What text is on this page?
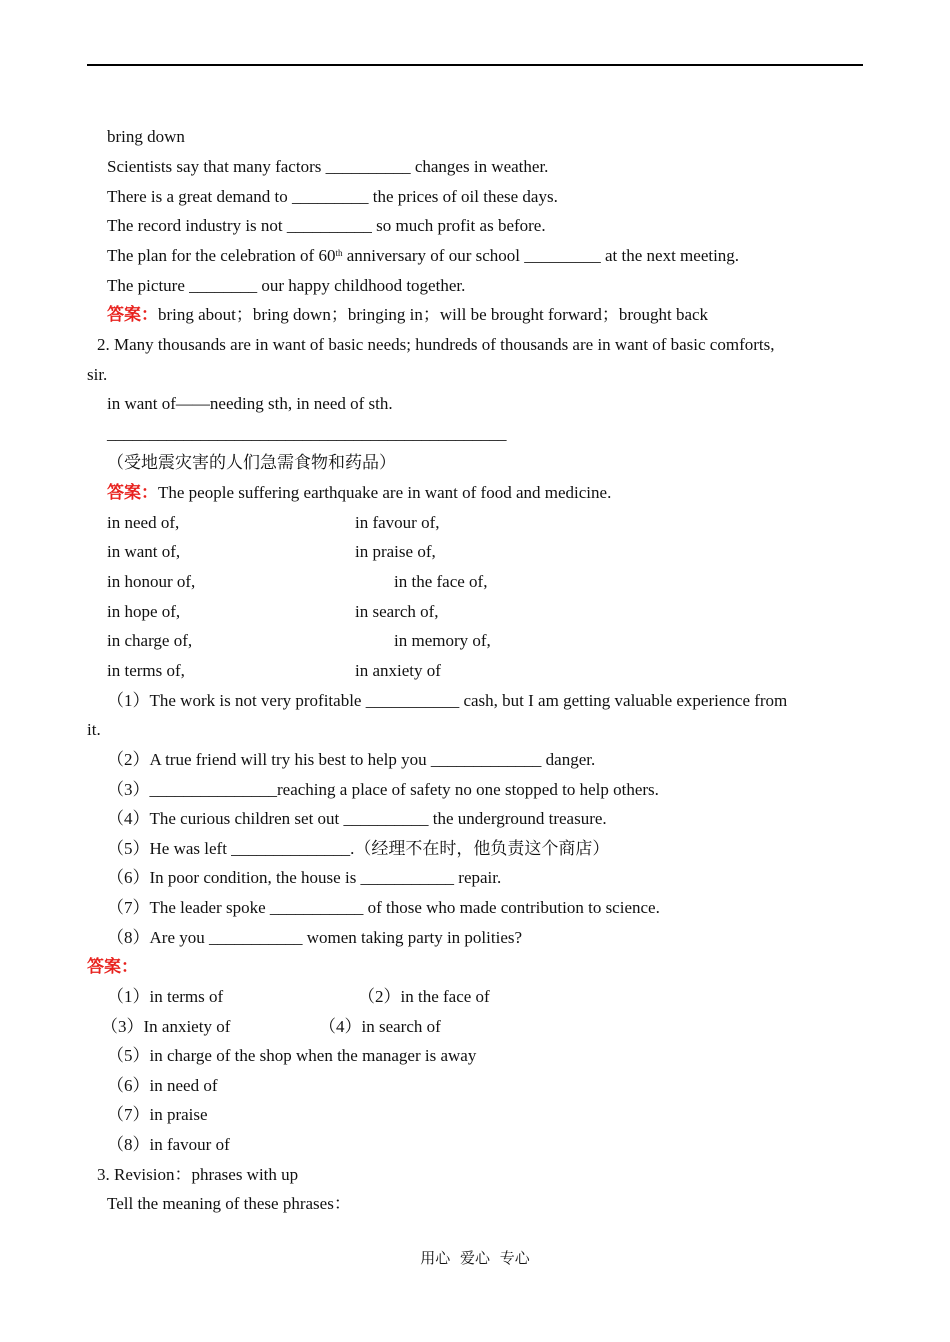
bring down
Scientists say that many factors __________ changes in weather.
There is a great demand to _________ the prices of oil these days.
The record industry is not __________ so much profit as before.
The plan for the celebration of 60th anniversary of our school _________ at the next meeting.
The picture ________ our happy childhood together.
答案：bring about；bring down；bringing in；will be brought forward；brought back
2. Many thousands are in want of basic needs; hundreds of thousands are in want of basic comforts,
sir.
in want of——needing sth, in need of sth.
_______________________________________________
（受地震灾害的人们急需食物和药品）
答案：The people suffering earthquake are in want of food and medicine.
in need of,	in favour of,
in want of,	in praise of,
in honour of,	in the face of,
in hope of,	in search of,
in charge of,	in memory of,
in terms of,	in anxiety of
（1）The work is not very profitable ___________ cash, but I am getting valuable experience from
it.
（2）A true friend will try his best to help you _____________ danger.
（3）_______________reaching a place of safety no one stopped to help others.
（4）The curious children set out __________ the underground treasure.
（5）He was left ______________.（经理不在时，他负责这个商店）
（6）In poor condition, the house is ___________ repair.
（7）The leader spoke ___________ of those who made contribution to science.
（8）Are you ___________ women taking party in polities?
答案：
（1）in terms of	（2）in the face of
（3）In anxiety of	（4）in search of
（5）in charge of the shop when the manager is away
（6）in need of
（7）in praise
（8）in favour of
3. Revision：phrases with up
Tell the meaning of these phrases：
用心 爱心 专心
